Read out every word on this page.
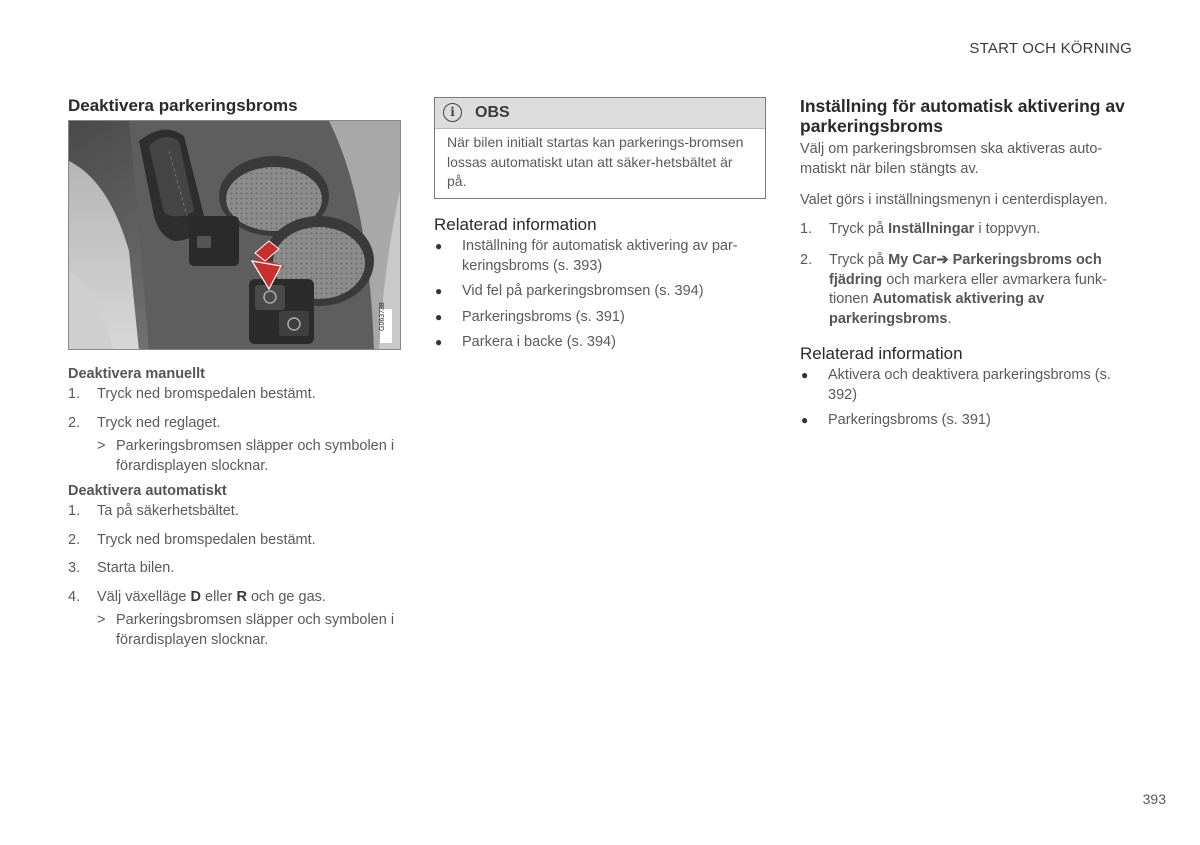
START OCH KÖRNING
393
Deaktivera parkeringsbroms
G063738
Deaktivera manuellt
1. Tryck ned bromspedalen bestämt.
2. Tryck ned reglaget.
> Parkeringsbromsen släpper och symbolen i förardisplayen slocknar.
Deaktivera automatiskt
1. Ta på säkerhetsbältet.
2. Tryck ned bromspedalen bestämt.
3. Starta bilen.
4. Välj växelläge D eller R och ge gas.
> Parkeringsbromsen släpper och symbolen i förardisplayen slocknar.
i	OBS
När bilen initialt startas kan parkerings-bromsen lossas automatiskt utan att säker-hetsbältet är på.
Relaterad information
● Inställning för automatisk aktivering av par-keringsbroms (s. 393)
● Vid fel på parkeringsbromsen (s. 394)
● Parkeringsbroms (s. 391)
● Parkera i backe (s. 394)
Inställning för automatisk aktivering av parkeringsbroms
Välj om parkeringsbromsen ska aktiveras auto-matiskt när bilen stängts av.
Valet görs i inställningsmenyn i centerdisplayen.
1. Tryck på Inställningar i toppvyn.
2. Tryck på My Car➔ Parkeringsbroms och fjädring och markera eller avmarkera funk-tionen Automatisk aktivering av parkeringsbroms.
Relaterad information
● Aktivera och deaktivera parkeringsbroms (s. 392)
● Parkeringsbroms (s. 391)
